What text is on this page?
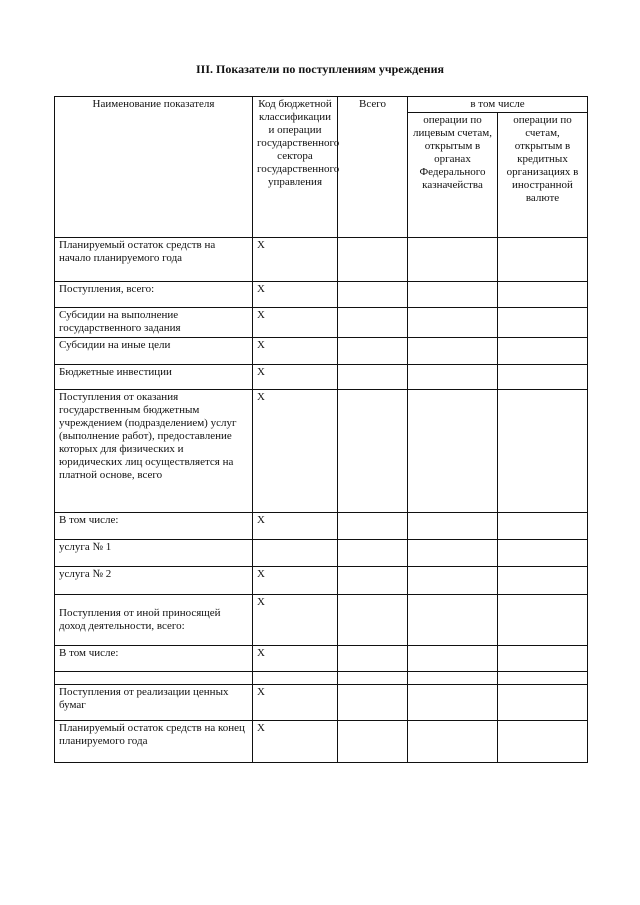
III. Показатели по поступлениям учреждения
Наименование показателя	Код бюджетной классификации и операции государственного сектора государственного управления	Всего	в том числе	
			операции по лицевым счетам, открытым в органах Федерального казначейства	операции по счетам, открытым в кредитных организациях в иностранной валюте
Планируемый остаток средств на начало планируемого года	X			
Поступления, всего:	X			
Субсидии на выполнение государственного задания	X			
Субсидии на иные цели	X			
Бюджетные инвестиции	X			
Поступления от оказания государственным бюджетным учреждением (подразделением) услуг (выполнение работ), предоставление которых для физических и юридических лиц осуществляется на платной основе, всего	X			
В том числе:	X			
услуга № 1				
услуга № 2	X			
Поступления от иной приносящей доход деятельности, всего:	X			
В том числе:	X			

Поступления от реализации ценных бумаг	X			
Планируемый остаток средств на конец планируемого года	X			
